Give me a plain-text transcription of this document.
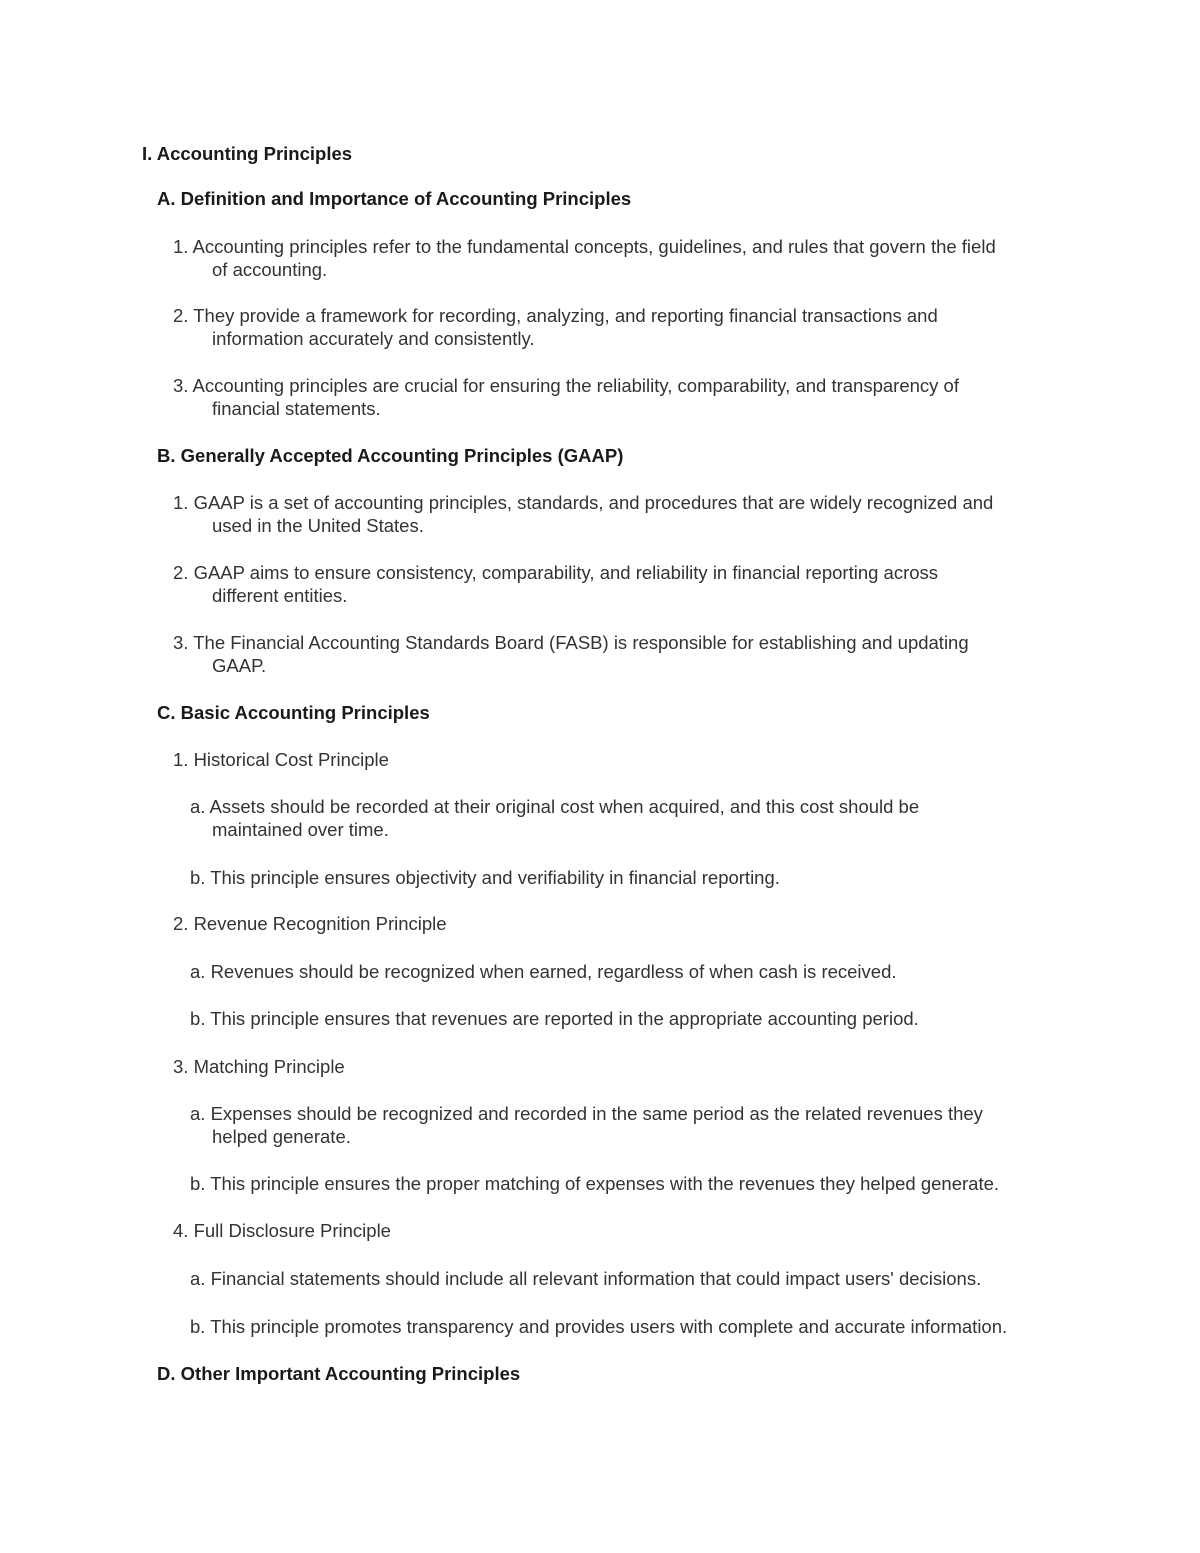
I. Accounting Principles
A. Definition and Importance of Accounting Principles
1. Accounting principles refer to the fundamental concepts, guidelines, and rules that govern the field
of accounting.
2. They provide a framework for recording, analyzing, and reporting financial transactions and
information accurately and consistently.
3. Accounting principles are crucial for ensuring the reliability, comparability, and transparency of
financial statements.
B. Generally Accepted Accounting Principles (GAAP)
1. GAAP is a set of accounting principles, standards, and procedures that are widely recognized and
used in the United States.
2. GAAP aims to ensure consistency, comparability, and reliability in financial reporting across
different entities.
3. The Financial Accounting Standards Board (FASB) is responsible for establishing and updating
GAAP.
C. Basic Accounting Principles
1. Historical Cost Principle
a. Assets should be recorded at their original cost when acquired, and this cost should be
maintained over time.
b. This principle ensures objectivity and verifiability in financial reporting.
2. Revenue Recognition Principle
a. Revenues should be recognized when earned, regardless of when cash is received.
b. This principle ensures that revenues are reported in the appropriate accounting period.
3. Matching Principle
a. Expenses should be recognized and recorded in the same period as the related revenues they
helped generate.
b. This principle ensures the proper matching of expenses with the revenues they helped generate.
4. Full Disclosure Principle
a. Financial statements should include all relevant information that could impact users' decisions.
b. This principle promotes transparency and provides users with complete and accurate information.
D. Other Important Accounting Principles
